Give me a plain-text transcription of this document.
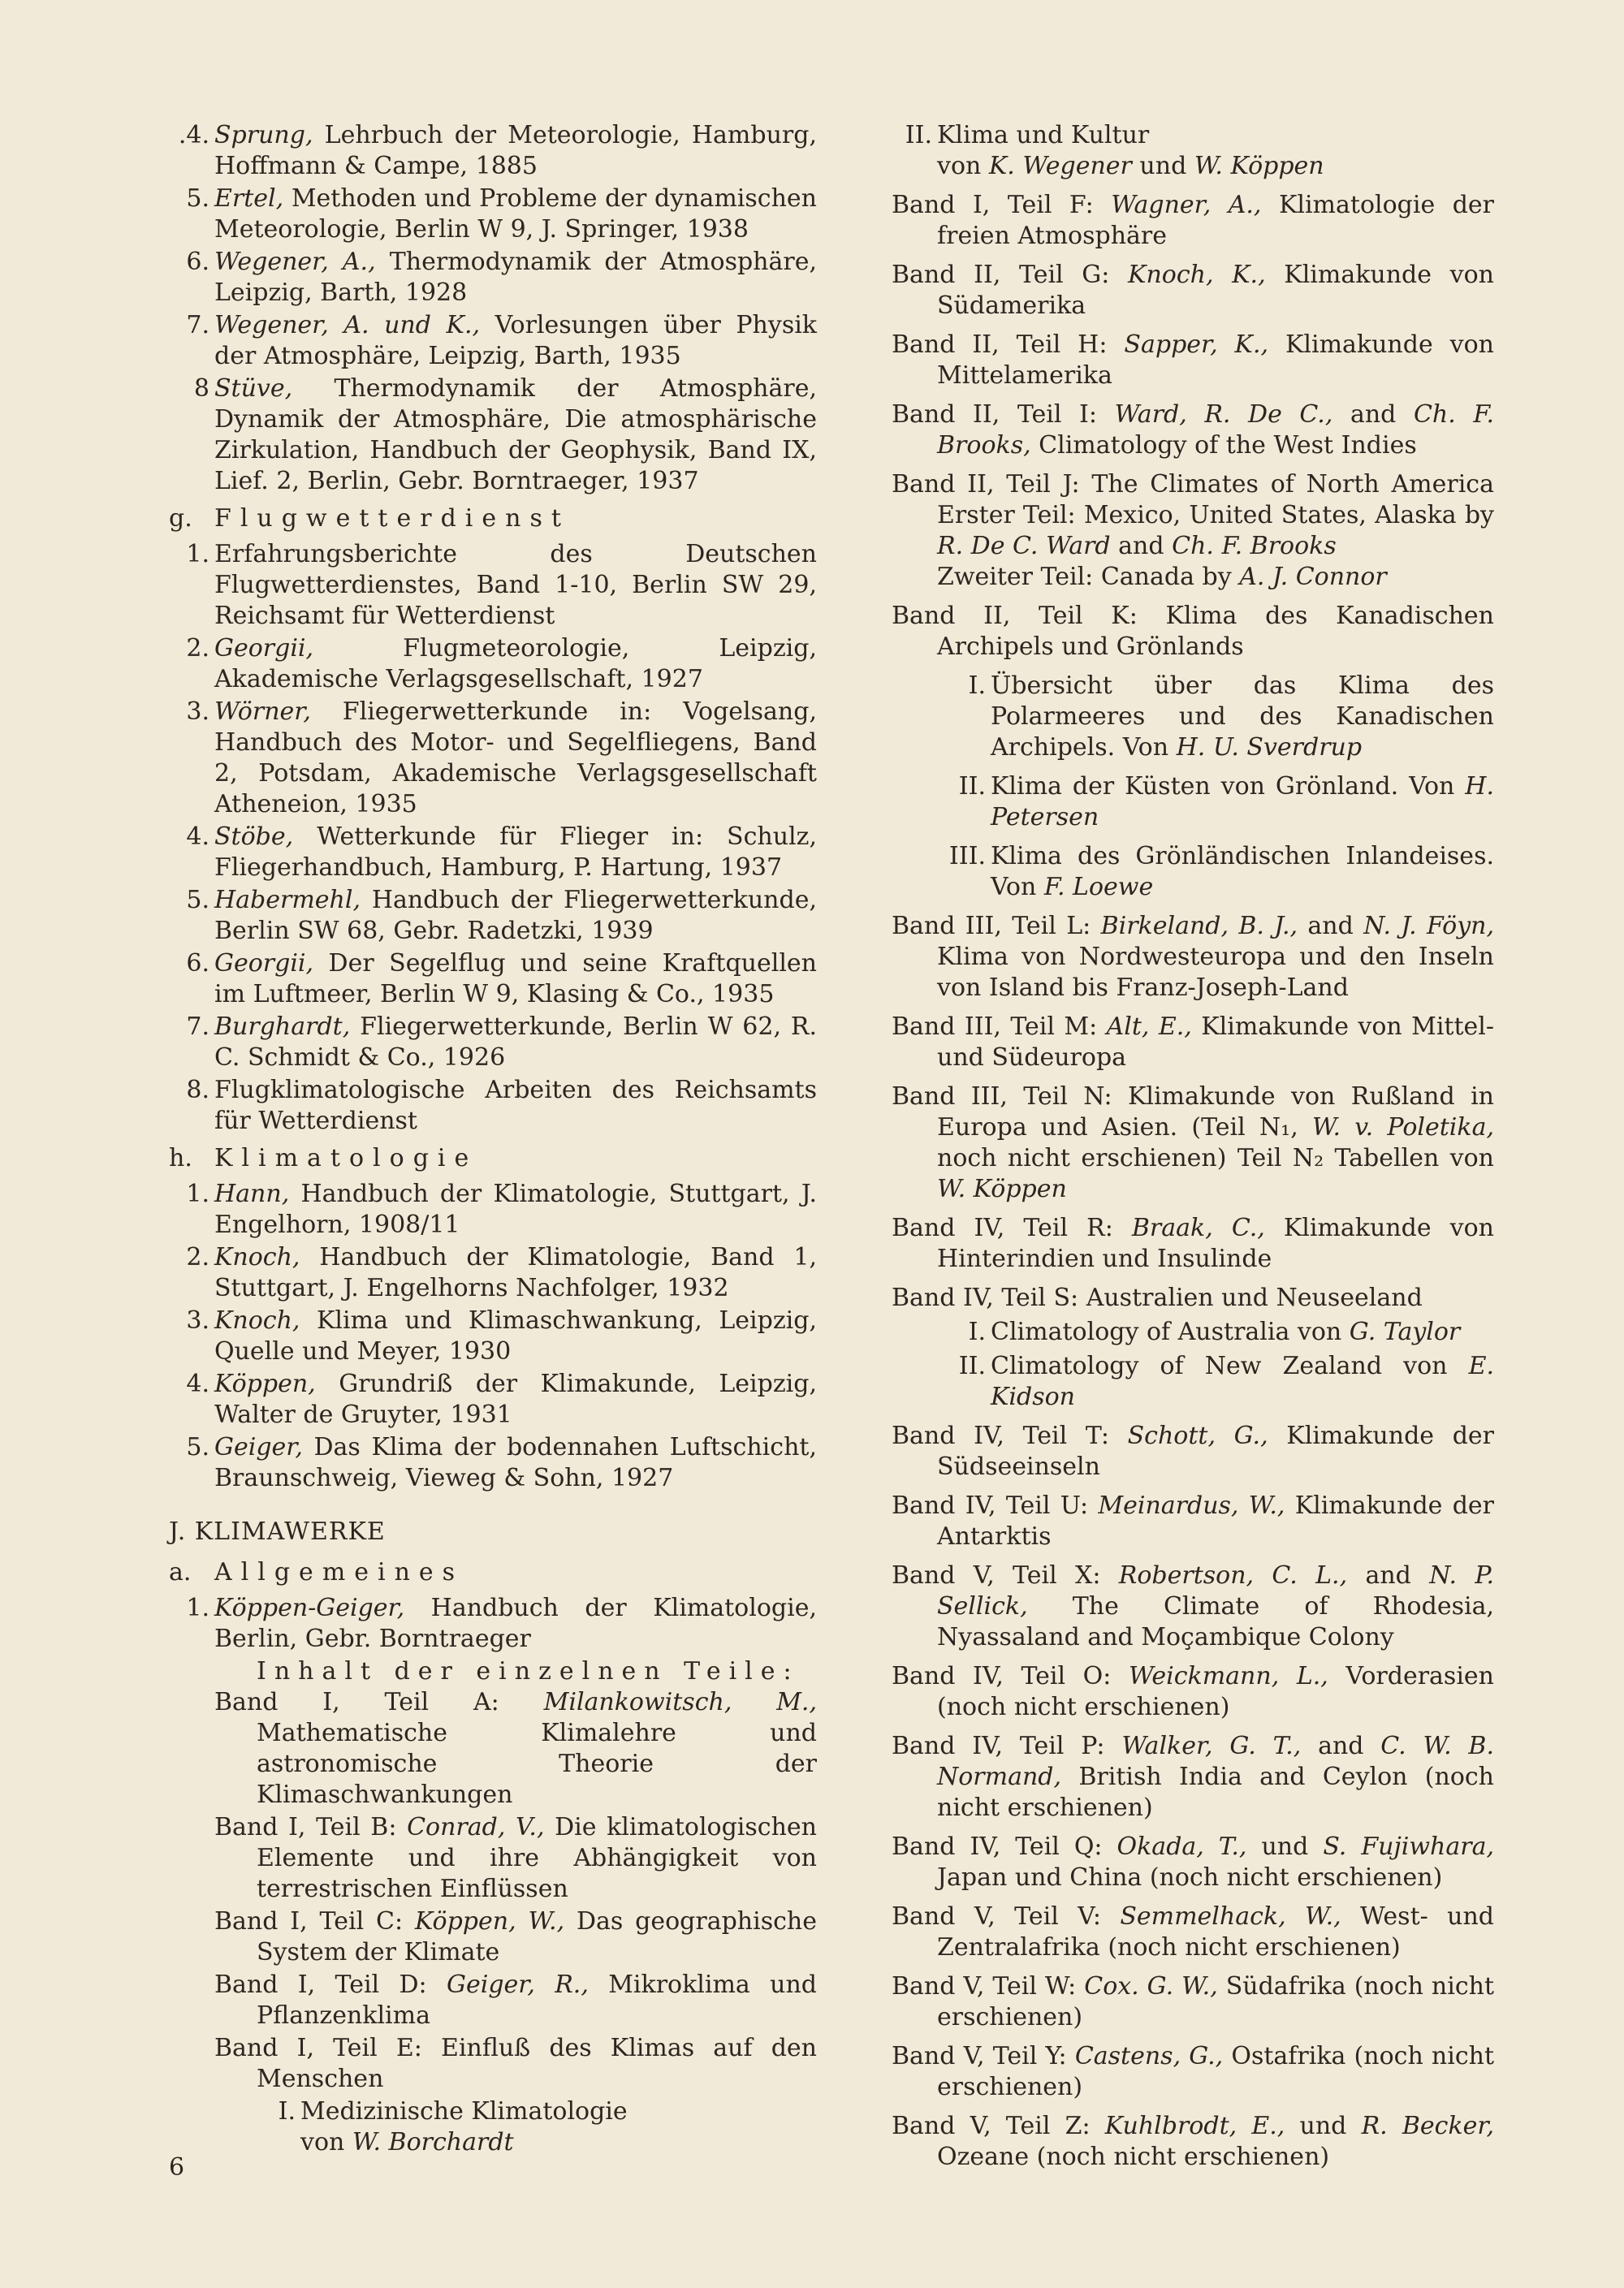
.4. Sprung, Lehrbuch der Meteorologie, Hamburg, Hoffmann & Campe, 1885
5. Ertel, Methoden und Probleme der dynamischen Meteorologie, Berlin W 9, J. Springer, 1938
6. Wegener, A., Thermodynamik der Atmosphäre, Leipzig, Barth, 1928
7. Wegener, A. und K., Vorlesungen über Physik der Atmosphäre, Leipzig, Barth, 1935
8 Stüve, Thermodynamik der Atmosphäre, Dynamik der Atmosphäre, Die atmosphärische Zirkulation, Handbuch der Geophysik, Band IX, Lief. 2, Berlin, Gebr. Borntraeger, 1937
g. Flugwetterdienst
1. Erfahrungsberichte des Deutschen Flugwetterdienstes, Band 1-10, Berlin SW 29, Reichsamt für Wetterdienst
2. Georgii, Flugmeteorologie, Leipzig, Akademische Verlagsgesellschaft, 1927
3. Wörner, Fliegerwetterkunde in: Vogelsang, Handbuch des Motor- und Segelfliegens, Band 2, Potsdam, Akademische Verlagsgesellschaft Atheneion, 1935
4. Stöbe, Wetterkunde für Flieger in: Schulz, Fliegerhandbuch, Hamburg, P. Hartung, 1937
5. Habermehl, Handbuch der Fliegerwetterkunde, Berlin SW 68, Gebr. Radetzki, 1939
6. Georgii, Der Segelflug und seine Kraftquellen im Luftmeer, Berlin W 9, Klasing & Co., 1935
7. Burghardt, Fliegerwetterkunde, Berlin W 62, R. C. Schmidt & Co., 1926
8. Flugklimatologische Arbeiten des Reichsamts für Wetterdienst
h. Klimatologie
1. Hann, Handbuch der Klimatologie, Stuttgart, J. Engelhorn, 1908/11
2. Knoch, Handbuch der Klimatologie, Band 1, Stuttgart, J. Engelhorns Nachfolger, 1932
3. Knoch, Klima und Klimaschwankung, Leipzig, Quelle und Meyer, 1930
4. Köppen, Grundriß der Klimakunde, Leipzig, Walter de Gruyter, 1931
5. Geiger, Das Klima der bodennahen Luftschicht, Braunschweig, Vieweg & Sohn, 1927
J. KLIMAWERKE
a. Allgemeines
1. Köppen-Geiger, Handbuch der Klimatologie, Berlin, Gebr. Borntraeger
Inhalt der einzelnen Teile:
Band I, Teil A: Milankowitsch, M., Mathematische Klimalehre und astronomische Theorie der Klimaschwankungen
Band I, Teil B: Conrad, V., Die klimatologischen Elemente und ihre Abhängigkeit von terrestrischen Einflüssen
Band I, Teil C: Köppen, W., Das geographische System der Klimate
Band I, Teil D: Geiger, R., Mikroklima und Pflanzenklima
Band I, Teil E: Einfluß des Klimas auf den Menschen
I. Medizinische Klimatologie
von W. Borchardt
II. Klima und Kultur
von K. Wegener und W. Köppen
Band I, Teil F: Wagner, A., Klimatologie der freien Atmosphäre
Band II, Teil G: Knoch, K., Klimakunde von Südamerika
Band II, Teil H: Sapper, K., Klimakunde von Mittelamerika
Band II, Teil I: Ward, R. De C., and Ch. F. Brooks, Climatology of the West Indies
Band II, Teil J: The Climates of North America Erster Teil: Mexico, United States, Alaska by R. De C. Ward and Ch. F. Brooks
Zweiter Teil: Canada by A. J. Connor
Band II, Teil K: Klima des Kanadischen Archipels und Grönlands
I. Übersicht über das Klima des Polarmeeres und des Kanadischen Archipels. Von H. U. Sverdrup
II. Klima der Küsten von Grönland. Von H. Petersen
III. Klima des Grönländischen Inlandeises. Von F. Loewe
Band III, Teil L: Birkeland, B. J., and N. J. Föyn, Klima von Nordwesteuropa und den Inseln von Island bis Franz-Joseph-Land
Band III, Teil M: Alt, E., Klimakunde von Mittel- und Südeuropa
Band III, Teil N: Klimakunde von Rußland in Europa und Asien. (Teil N₁, W. v. Poletika, noch nicht erschienen) Teil N₂ Tabellen von W. Köppen
Band IV, Teil R: Braak, C., Klimakunde von Hinterindien und Insulinde
Band IV, Teil S: Australien und Neuseeland
I. Climatology of Australia von G. Taylor
II. Climatology of New Zealand von E. Kidson
Band IV, Teil T: Schott, G., Klimakunde der Südseeinseln
Band IV, Teil U: Meinardus, W., Klimakunde der Antarktis
Band V, Teil X: Robertson, C. L., and N. P. Sellick, The Climate of Rhodesia, Nyassaland and Moçambique Colony
Band IV, Teil O: Weickmann, L., Vorderasien (noch nicht erschienen)
Band IV, Teil P: Walker, G. T., and C. W. B. Normand, British India and Ceylon (noch nicht erschienen)
Band IV, Teil Q: Okada, T., und S. Fujiwhara, Japan und China (noch nicht erschienen)
Band V, Teil V: Semmelhack, W., West- und Zentralafrika (noch nicht erschienen)
Band V, Teil W: Cox. G. W., Südafrika (noch nicht erschienen)
Band V, Teil Y: Castens, G., Ostafrika (noch nicht erschienen)
Band V, Teil Z: Kuhlbrodt, E., und R. Becker, Ozeane (noch nicht erschienen)
6
